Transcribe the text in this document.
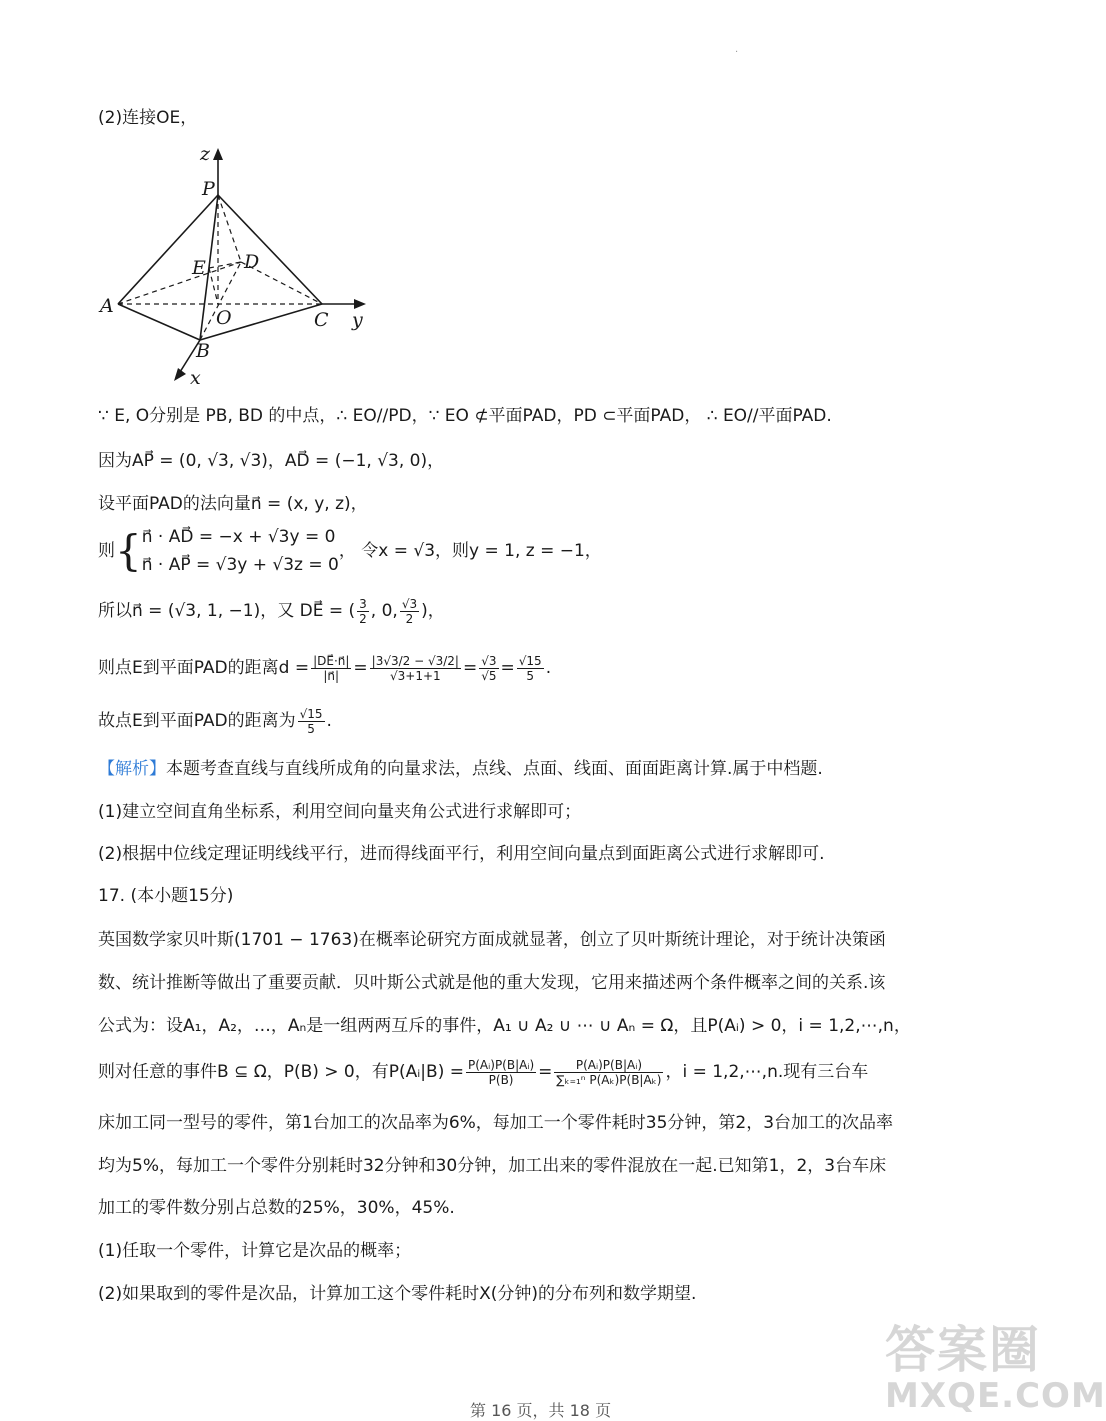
.
(2)连接OE，
z
P
E D
A
O	C y
B
x
∵ E, O分别是 PB, BD 的中点，∴ EO//PD，∵ EO ⊄平面PAD，PD ⊂平面PAD， ∴ EO//平面PAD.
因为AP⃗ = (0, √3, √3)，AD⃗ = (−1, √3, 0)，
设平面PAD的法向量n⃗ = (x, y, z)，
则 { n⃗ · AD⃗ = −x + √3y = 0
n⃗ · AP⃗ = √3y + √3z = 0
， 令x = √3，则y = 1, z = −1，
所以n⃗ = (√3, 1, −1)，又 DE⃗ = ( $\frac{3}{2}$ , 0, $\frac{√3}{2}$ )，
则点E到平面PAD的距离$d = \frac{|DE⃗\cdot n⃗|}{|n⃗|} = \frac{|3√3/2 - √3/2|}{√3+1+1} = \frac{√3}{√5} = \frac{√15}{5}$ .
故点E到平面PAD的距离为 $\frac{√15}{5}$ .
【解析】本题考查直线与直线所成角的向量求法，点线、点面、线面、面面距离计算.属于中档题.
(1)建立空间直角坐标系，利用空间向量夹角公式进行求解即可；
(2)根据中位线定理证明线线平行，进而得线面平行，利用空间向量点到面距离公式进行求解即可.
17. (本小题15分)
英国数学家贝叶斯(1701 − 1763)在概率论研究方面成就显著，创立了贝叶斯统计理论，对于统计决策函
数、统计推断等做出了重要贡献．贝叶斯公式就是他的重大发现，它用来描述两个条件概率之间的关系.该
公式为：设A₁，A₂，…，Aₙ是一组两两互斥的事件，A₁ ∪ A₂ ∪ ⋯ ∪ Aₙ = Ω，且P(Aᵢ) > 0，i = 1,2,⋯,n，
则对任意的事件B ⊆ Ω，P(B) > 0，有P(Aᵢ|B) = $\frac{\text{P(Aᵢ)P(B|Aᵢ)}}{P(B)} = \frac{\text{P(Aᵢ)P(B|Aᵢ)}}{\text{∑ₖ₌₁ⁿ P(Aₖ)P(B|Aₖ)}}$ ，i = 1,2,⋯,n.现有三台车
床加工同一型号的零件，第1台加工的次品率为6%，每加工一个零件耗时35分钟，第2，3台加工的次品率
均为5%，每加工一个零件分别耗时32分钟和30分钟，加工出来的零件混放在一起.已知第1，2，3台车床
加工的零件数分别占总数的25%，30%，45%.
(1)任取一个零件，计算它是次品的概率；
(2)如果取到的零件是次品，计算加工这个零件耗时X(分钟)的分布列和数学期望.
答案圈
MXQE.COM
第 16 页，共 18 页
